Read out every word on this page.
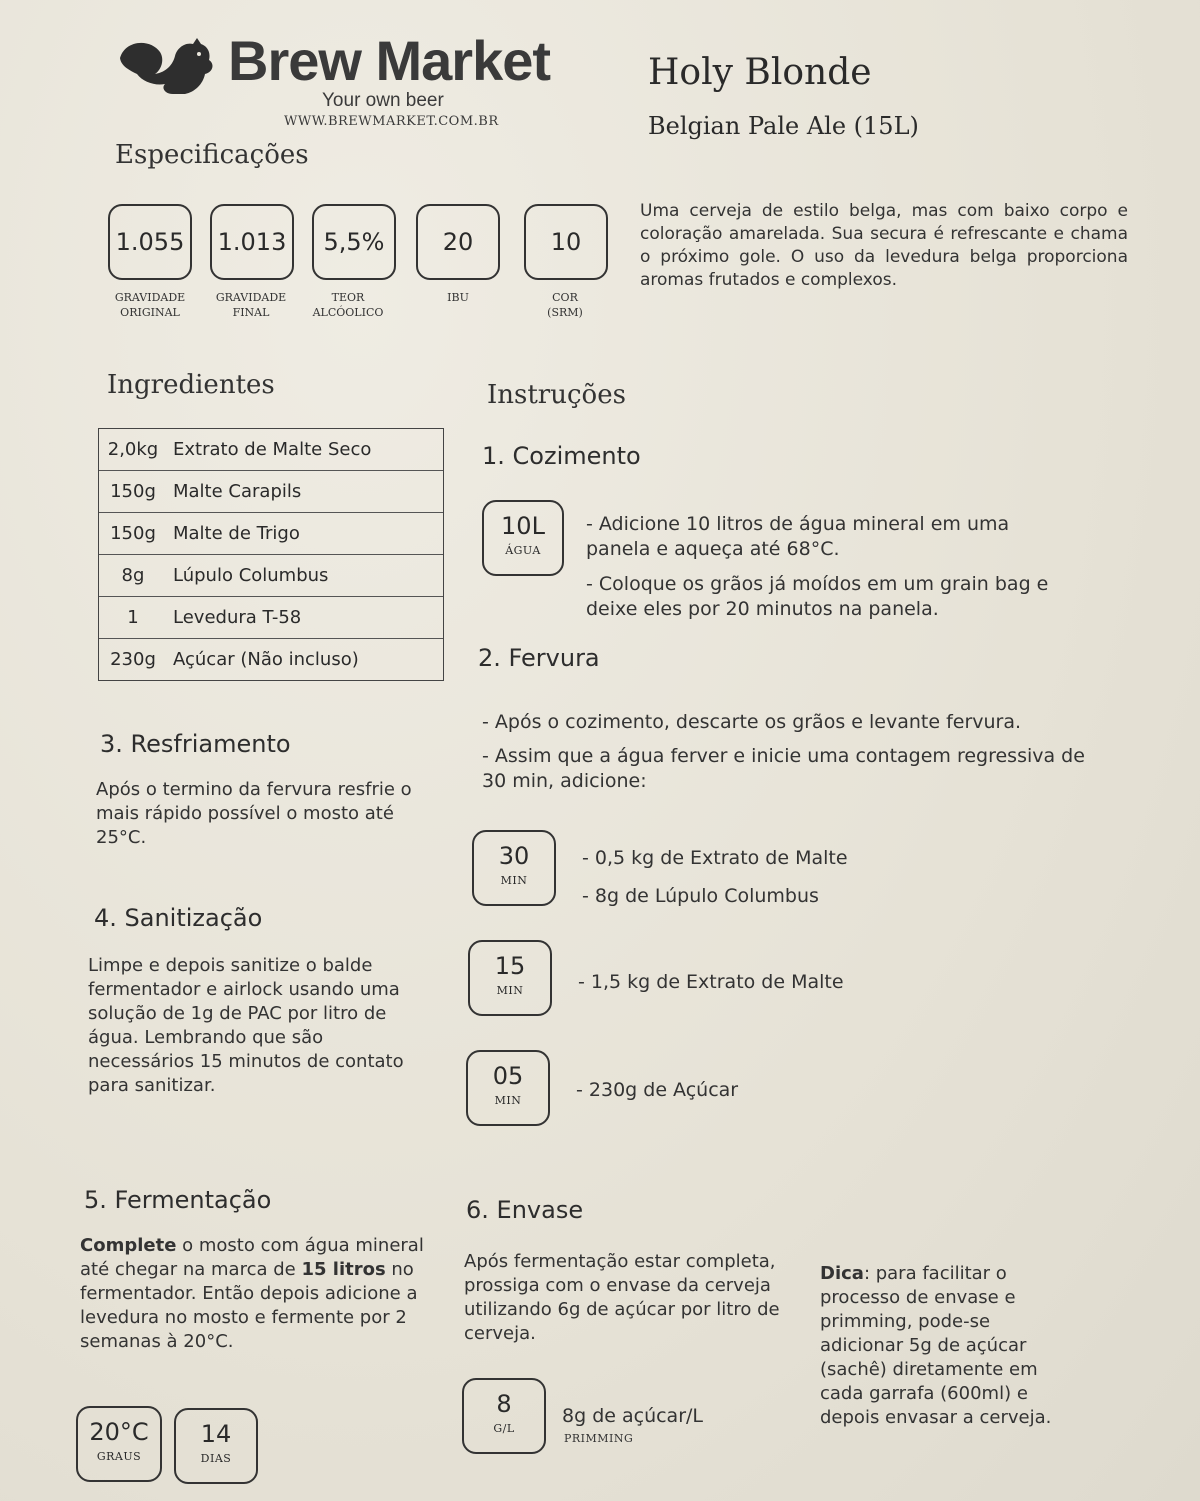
Brew Market
Your own beer
WWW.BREWMARKET.COM.BR
Holy Blonde
Belgian Pale Ale (15L)
Especificações
1.055
GRAVIDADE
ORIGINAL
1.013
GRAVIDADE
FINAL
5,5%
TEOR
ALCÓOLICO
20
IBU
10
COR
(SRM)
Uma cerveja de estilo belga, mas com baixo corpo e coloração amarelada. Sua secura é refrescante e chama o próximo gole. O uso da levedura belga proporciona aromas frutados e complexos.
Ingredientes
2,0kg Extrato de Malte Seco
150g Malte Carapils
150g Malte de Trigo
8g	Lúpulo Columbus
1	Levedura T-58
230g Açúcar (Não incluso)
Instruções
1. Cozimento
10L
ÁGUA
- Adicione 10 litros de água mineral em uma panela e aqueça até 68°C.
- Coloque os grãos já moídos em um grain bag e deixe eles por 20 minutos na panela.
2. Fervura
- Após o cozimento, descarte os grãos e levante fervura.
- Assim que a água ferver e inicie uma contagem regressiva de 30 min, adicione:
30
MIN
- 0,5 kg de Extrato de Malte
- 8g de Lúpulo Columbus
15
MIN	- 1,5 kg de Extrato de Malte
05
MIN	- 230g de Açúcar
3. Resfriamento
Após o termino da fervura resfrie o mais rápido possível o mosto até 25°C.
4. Sanitização
Limpe e depois sanitize o balde fermentador e airlock usando uma solução de 1g de PAC por litro de água. Lembrando que são necessários 15 minutos de contato para sanitizar.
5. Fermentação
Complete o mosto com água mineral até chegar na marca de 15 litros no fermentador. Então depois adicione a levedura no mosto e fermente por 2 semanas à 20°C.
20°C
GRAUS
14
DIAS
6. Envase
Após fermentação estar completa, prossiga com o envase da cerveja utilizando 6g de açúcar por litro de cerveja.
8
G/L
8g de açúcar/L
PRIMMING
Dica: para facilitar o processo de envase e primming, pode-se adicionar 5g de açúcar (sachê) diretamente em cada garrafa (600ml) e depois envasar a cerveja.
